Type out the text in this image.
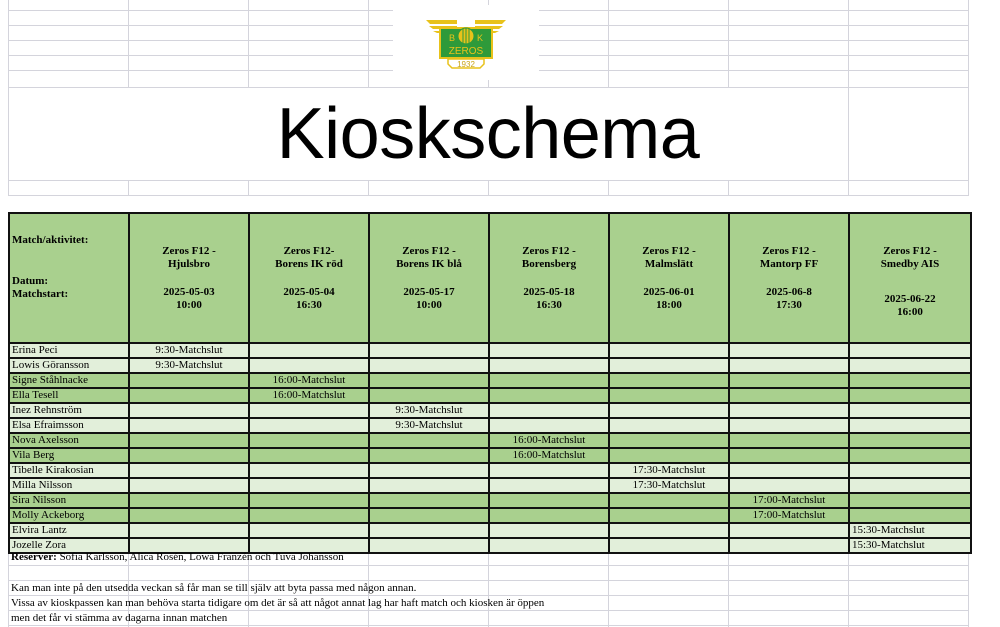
B K
ZEROS
1932
Kioskschema
Match/aktivitet:
Datum:
Matchstart:	Zeros F12 -
Hjulsbro
2025-05-03
10:00	Zeros F12-
Borens IK röd
2025-05-04
16:30	Zeros F12 -
Borens IK blå
2025-05-17
10:00	Zeros F12 -
Borensberg
2025-05-18
16:30	Zeros F12 -
Malmslätt
2025-06-01
18:00	Zeros F12 -
Mantorp FF
2025-06-8
17:30	Zeros F12 -
Smedby AIS
2025-06-22
16:00

Erina Peci	9:30-Matchslut						
Lowis Göransson	9:30-Matchslut						
Signe Ståhlnacke		16:00-Matchslut					
Ella Tesell		16:00-Matchslut					
Inez Rehnström			9:30-Matchslut				
Elsa Efraimsson			9:30-Matchslut				
Nova Axelsson				16:00-Matchslut			
Vila Berg				16:00-Matchslut			
Tibelle Kirakosian					17:30-Matchslut		
Milla Nilsson					17:30-Matchslut		
Sira Nilsson						17:00-Matchslut	
Molly Ackeborg						17:00-Matchslut	
Elvira Lantz							15:30-Matchslut
Jozelle Zora							15:30-Matchslut
Reserver: Sofia Karlsson, Alica Rosén, Lowa Franzén och Tuva Johansson
Kan man inte på den utsedda veckan så får man se till själv att byta passa med någon annan.
Vissa av kioskpassen kan man behöva starta tidigare om det är så att något annat lag har haft match och kiosken är öppen
men det får vi stämma av dagarna innan matchen
